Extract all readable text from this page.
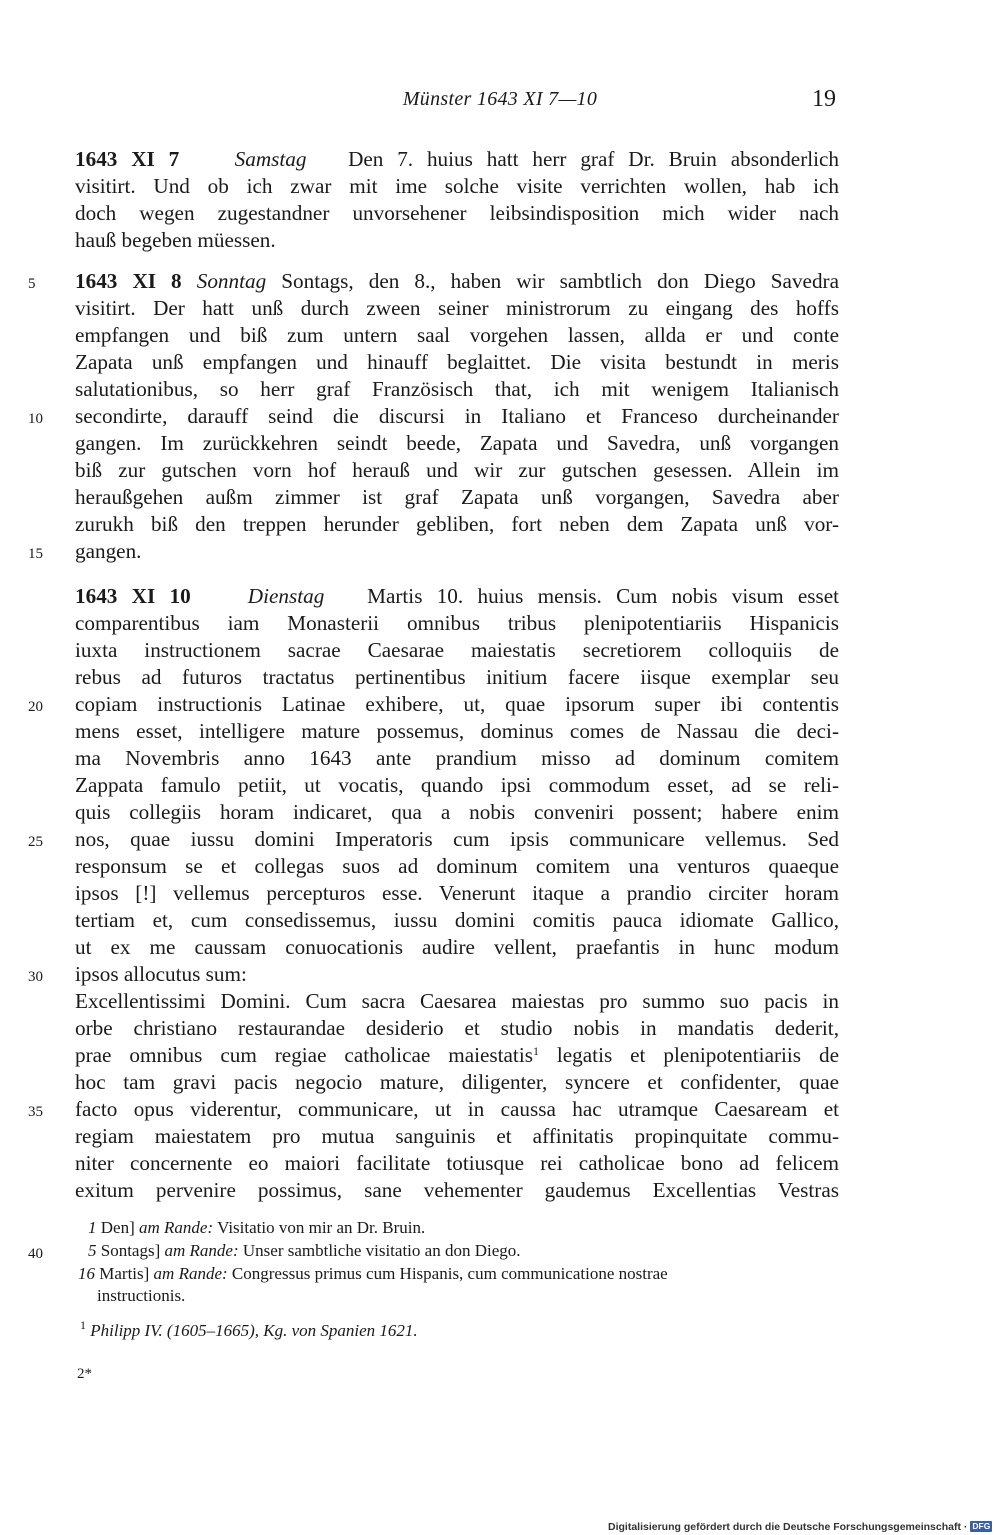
Münster 1643 XI 7—10	19
1643 XI 7	Samstag Den 7. huius hatt herr graf Dr. Bruin absonderlich
visitirt. Und ob ich zwar mit ime solche visite verrichten wollen, hab ich
doch wegen zugestandner unvorsehener leibsindisposition mich wider nach
hauß begeben müessen.
1643 XI 8 Sonntag Sontags, den 8., haben wir sambtlich don Diego Savedra
visitirt. Der hatt unß durch zween seiner ministrorum zu eingang des hoffs
empfangen und biß zum untern saal vorgehen lassen, allda er und conte
Zapata unß empfangen und hinauff beglaittet. Die visita bestundt in meris
salutationibus, so herr graf Französisch that, ich mit wenigem Italianisch
secondirte, darauff seind die discursi in Italiano et Franceso durcheinander
gangen. Im zurückkehren seindt beede, Zapata und Savedra, unß vorgangen
biß zur gutschen vorn hof herauß und wir zur gutschen gesessen. Allein im
heraußgehen außm zimmer ist graf Zapata unß vorgangen, Savedra aber
zurukh biß den treppen herunder gebliben, fort neben dem Zapata unß vor-
gangen.
1643 XI 10	Dienstag Martis 10. huius mensis. Cum nobis visum esset
comparentibus iam Monasterii omnibus tribus plenipotentiariis Hispanicis
iuxta instructionem sacrae Caesarae maiestatis secretiorem colloquiis de
rebus ad futuros tractatus pertinentibus initium facere iisque exemplar seu
copiam instructionis Latinae exhibere, ut, quae ipsorum super ibi contentis
mens esset, intelligere mature possemus, dominus comes de Nassau die deci-
ma Novembris anno 1643 ante prandium misso ad dominum comitem
Zappata famulo petiit, ut vocatis, quando ipsi commodum esset, ad se reli-
quis collegiis horam indicaret, qua a nobis conveniri possent; habere enim
nos, quae iussu domini Imperatoris cum ipsis communicare vellemus. Sed
responsum se et collegas suos ad dominum comitem una venturos quaeque
ipsos [!] vellemus percepturos esse. Venerunt itaque a prandio circiter horam
tertiam et, cum consedissemus, iussu domini comitis pauca idiomate Gallico,
ut ex me caussam conuocationis audire vellent, praefantis in hunc modum
ipsos allocutus sum:
Excellentissimi Domini. Cum sacra Caesarea maiestas pro summo suo pacis in
orbe christiano restaurandae desiderio et studio nobis in mandatis dederit,
prae omnibus cum regiae catholicae maiestatis$^1$ legatis et plenipotentiariis de
hoc tam gravi pacis negocio mature, diligenter, syncere et confidenter, quae
facto opus viderentur, communicare, ut in caussa hac utramque Caesaream et
regiam maiestatem pro mutua sanguinis et affinitatis propinquitate commu-
niter concernente eo maiori facilitate totiusque rei catholicae bono ad felicem
exitum pervenire possimus, sane vehementer gaudemus Excellentias Vestras
5
10
15
20
25
30
35
40
1 Den] am Rande: Visitatio von mir an Dr. Bruin.
5 Sontags] am Rande: Unser sambtliche visitatio an don Diego.
16 Martis] am Rande: Congressus primus cum Hispanis, cum communicatione nostrae
instructionis.
$^1$ Philipp IV. (1605–1665), Kg. von Spanien 1621.
2*
Digitalisierung gefördert durch die Deutsche Forschungsgemeinschaft · DFG
